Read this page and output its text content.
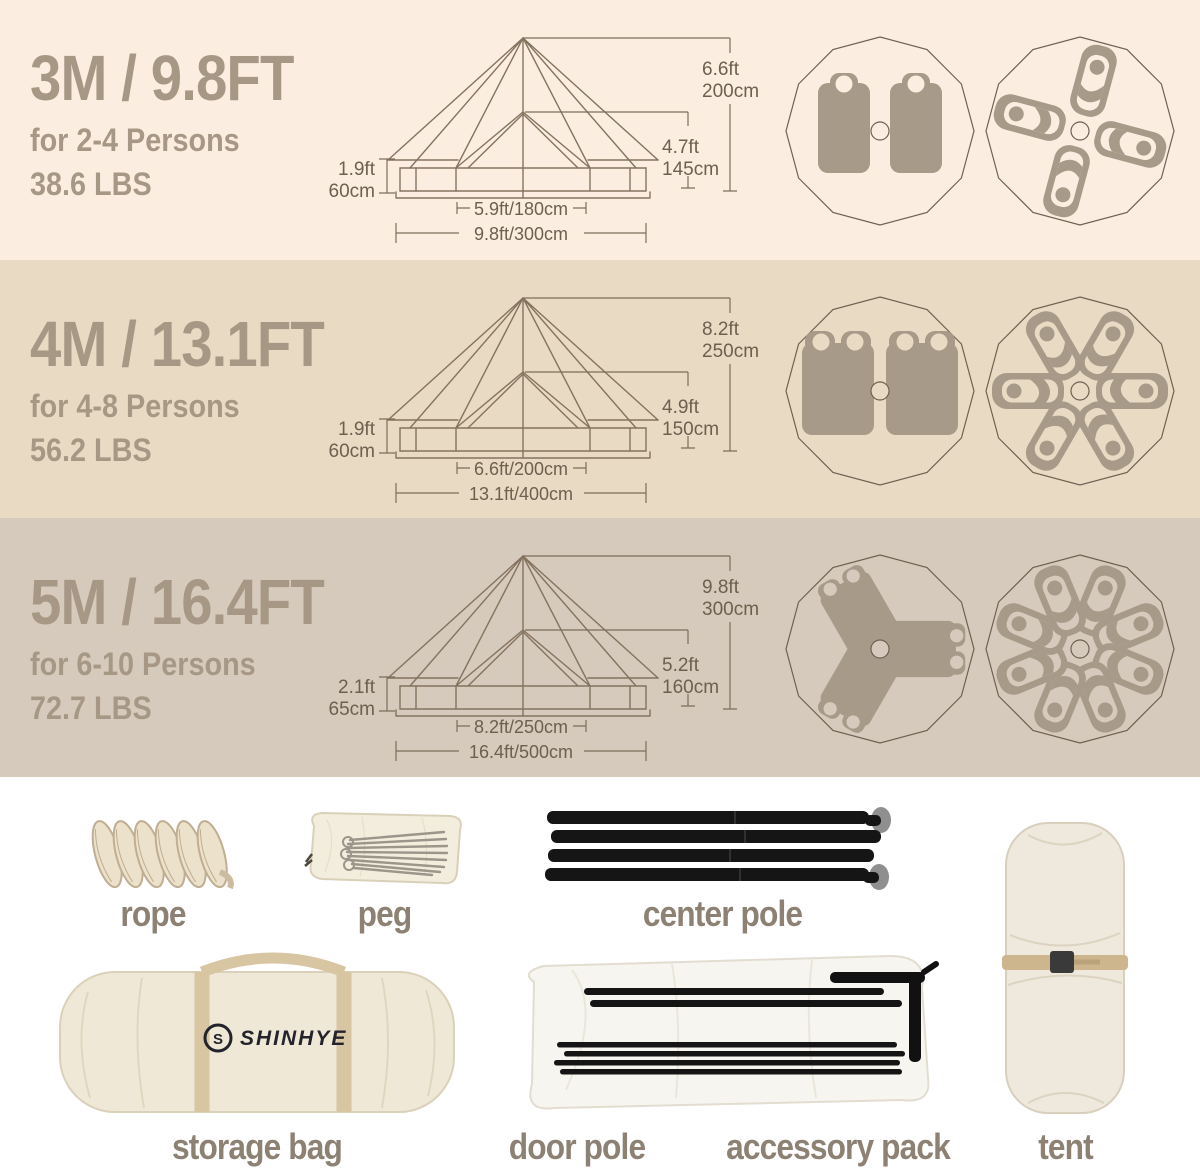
3M / 9.8FT
for 2-4 Persons
38.6 LBS
6.6ft
200cm
4.7ft
145cm
1.9ft
60cm
5.9ft/180cm
9.8ft/300cm
4M / 13.1FT
for 4-8 Persons
56.2 LBS
8.2ft
250cm
4.9ft
150cm
1.9ft
60cm
6.6ft/200cm
13.1ft/400cm
5M / 16.4FT
for 6-10 Persons
72.7 LBS
9.8ft
300cm
5.2ft
160cm
2.1ft
65cm
8.2ft/250cm
16.4ft/500cm
rope	peg	center pole
S SHINHYE
storage bag	door pole	accessory pack	tent
